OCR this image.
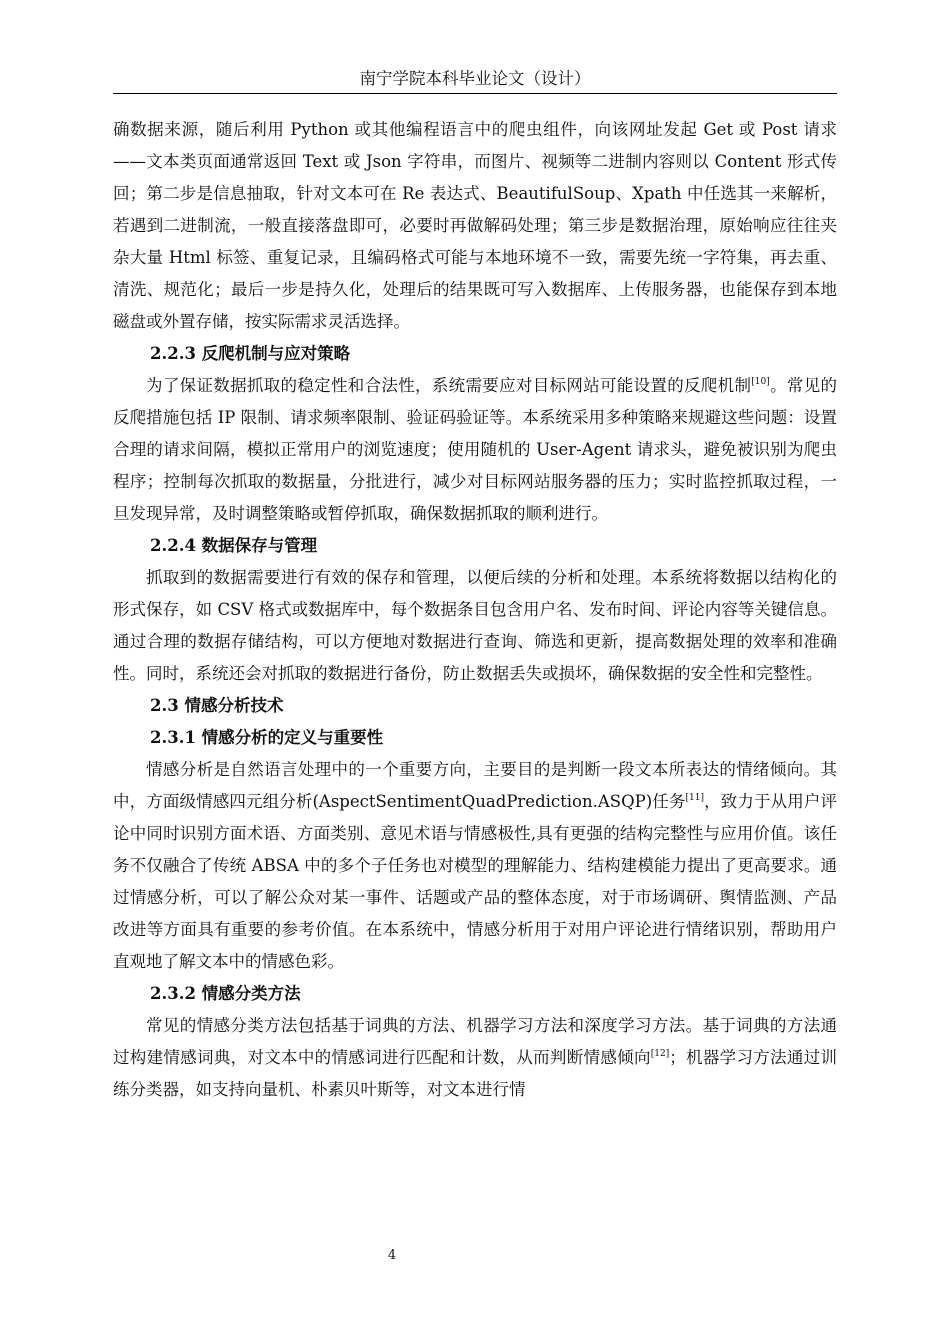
南宁学院本科毕业论文（设计）

确数据来源，随后利用 Python 或其他编程语言中的爬虫组件，向该网址发起 Get 或 Post 请求——文本类页面通常返回 Text 或 Json 字符串，而图片、视频等二进制内容则以 Content 形式传回；第二步是信息抽取，针对文本可在 Re 表达式、BeautifulSoup、Xpath 中任选其一来解析，若遇到二进制流，一般直接落盘即可，必要时再做解码处理；第三步是数据治理，原始响应往往夹杂大量 Html 标签、重复记录，且编码格式可能与本地环境不一致，需要先统一字符集，再去重、清洗、规范化；最后一步是持久化，处理后的结果既可写入数据库、上传服务器，也能保存到本地磁盘或外置存储，按实际需求灵活选择。

2.2.3 反爬机制与应对策略

为了保证数据抓取的稳定性和合法性，系统需要应对目标网站可能设置的反爬机制[10]。常见的反爬措施包括 IP 限制、请求频率限制、验证码验证等。本系统采用多种策略来规避这些问题：设置合理的请求间隔，模拟正常用户的浏览速度；使用随机的 User-Agent 请求头，避免被识别为爬虫程序；控制每次抓取的数据量，分批进行，减少对目标网站服务器的压力；实时监控抓取过程，一旦发现异常，及时调整策略或暂停抓取，确保数据抓取的顺利进行。

2.2.4 数据保存与管理

抓取到的数据需要进行有效的保存和管理，以便后续的分析和处理。本系统将数据以结构化的形式保存，如 CSV 格式或数据库中，每个数据条目包含用户名、发布时间、评论内容等关键信息。通过合理的数据存储结构，可以方便地对数据进行查询、筛选和更新，提高数据处理的效率和准确性。同时，系统还会对抓取的数据进行备份，防止数据丢失或损坏，确保数据的安全性和完整性。

2.3 情感分析技术

2.3.1 情感分析的定义与重要性

情感分析是自然语言处理中的一个重要方向，主要目的是判断一段文本所表达的情绪倾向。其中，方面级情感四元组分析(AspectSentimentQuadPrediction.ASQP)任务[11]，致力于从用户评论中同时识别方面术语、方面类别、意见术语与情感极性,具有更强的结构完整性与应用价值。该任务不仅融合了传统 ABSA 中的多个子任务也对模型的理解能力、结构建模能力提出了更高要求。通过情感分析，可以了解公众对某一事件、话题或产品的整体态度，对于市场调研、舆情监测、产品改进等方面具有重要的参考价值。在本系统中，情感分析用于对用户评论进行情绪识别，帮助用户直观地了解文本中的情感色彩。

2.3.2 情感分类方法

常见的情感分类方法包括基于词典的方法、机器学习方法和深度学习方法。基于词典的方法通过构建情感词典，对文本中的情感词进行匹配和计数，从而判断情感倾向[12]；机器学习方法通过训练分类器，如支持向量机、朴素贝叶斯等，对文本进行情

4
